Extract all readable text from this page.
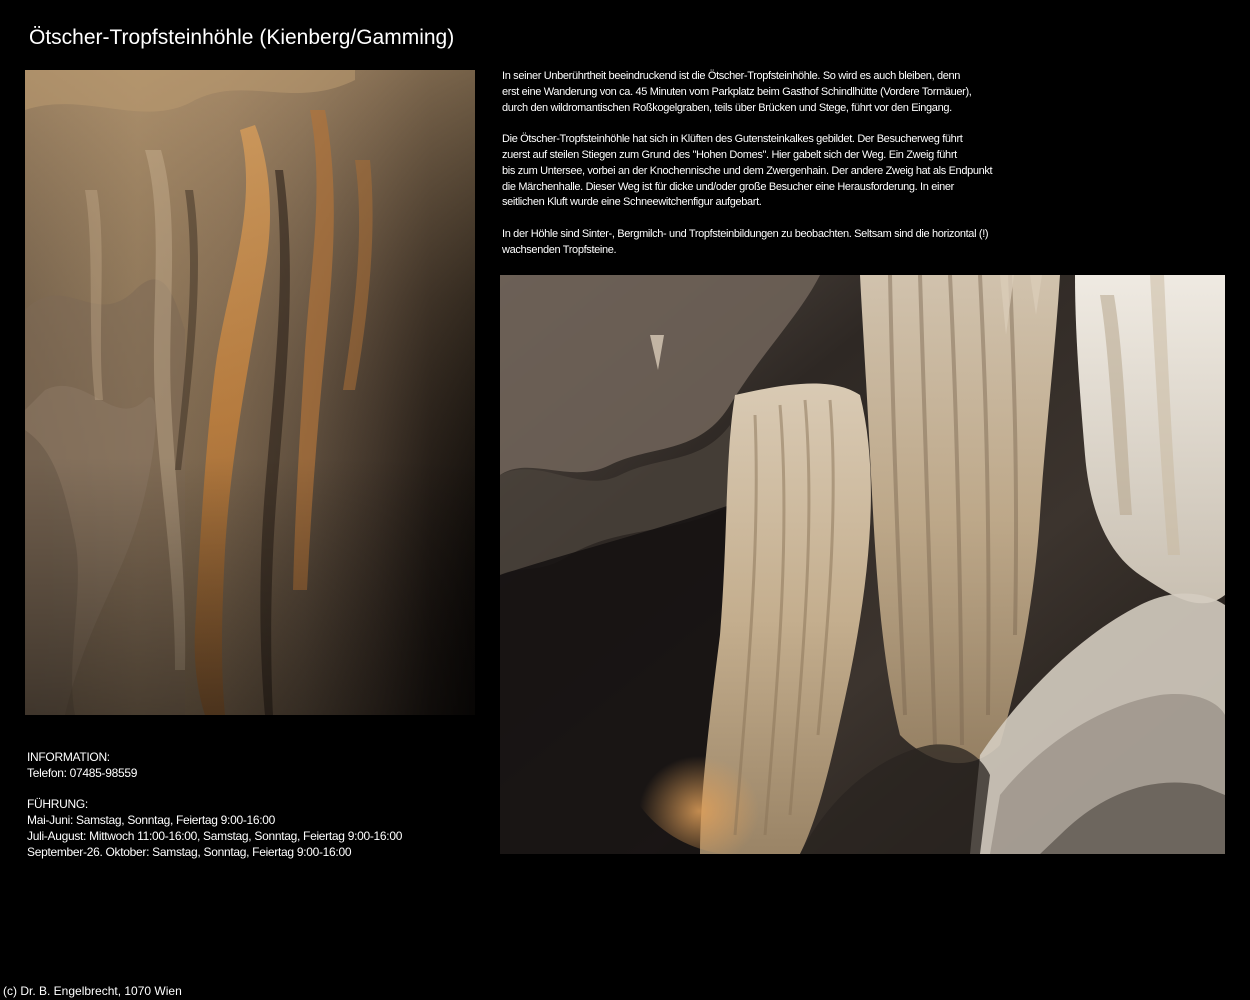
Ötscher-Tropfsteinhöhle (Kienberg/Gamming)
In seiner Unberührtheit beeindruckend ist die Ötscher-Tropfsteinhöhle. So wird es auch bleiben, denn
erst eine Wanderung von ca. 45 Minuten vom Parkplatz beim Gasthof Schindlhütte (Vordere Tormäuer),
durch den wildromantischen Roßkogelgraben, teils über Brücken und Stege, führt vor den Eingang.
Die Ötscher-Tropfsteinhöhle hat sich in Klüften des Gutensteinkalkes gebildet. Der Besucherweg führt
zuerst auf steilen Stiegen zum Grund des "Hohen Domes". Hier gabelt sich der Weg. Ein Zweig führt
bis zum Untersee, vorbei an der Knochennische und dem Zwergenhain. Der andere Zweig hat als Endpunkt
die Märchenhalle. Dieser Weg ist für dicke und/oder große Besucher eine Herausforderung. In einer
seitlichen Kluft wurde eine Schneewitchenfigur aufgebart.
In der Höhle sind Sinter-, Bergmilch- und Tropfsteinbildungen zu beobachten. Seltsam sind die horizontal (!)
wachsenden Tropfsteine.
INFORMATION:
Telefon: 07485-98559
FÜHRUNG:
Mai-Juni: Samstag, Sonntag, Feiertag 9:00-16:00
Juli-August: Mittwoch 11:00-16:00, Samstag, Sonntag, Feiertag 9:00-16:00
September-26. Oktober: Samstag, Sonntag, Feiertag 9:00-16:00
(c) Dr. B. Engelbrecht, 1070 Wien
